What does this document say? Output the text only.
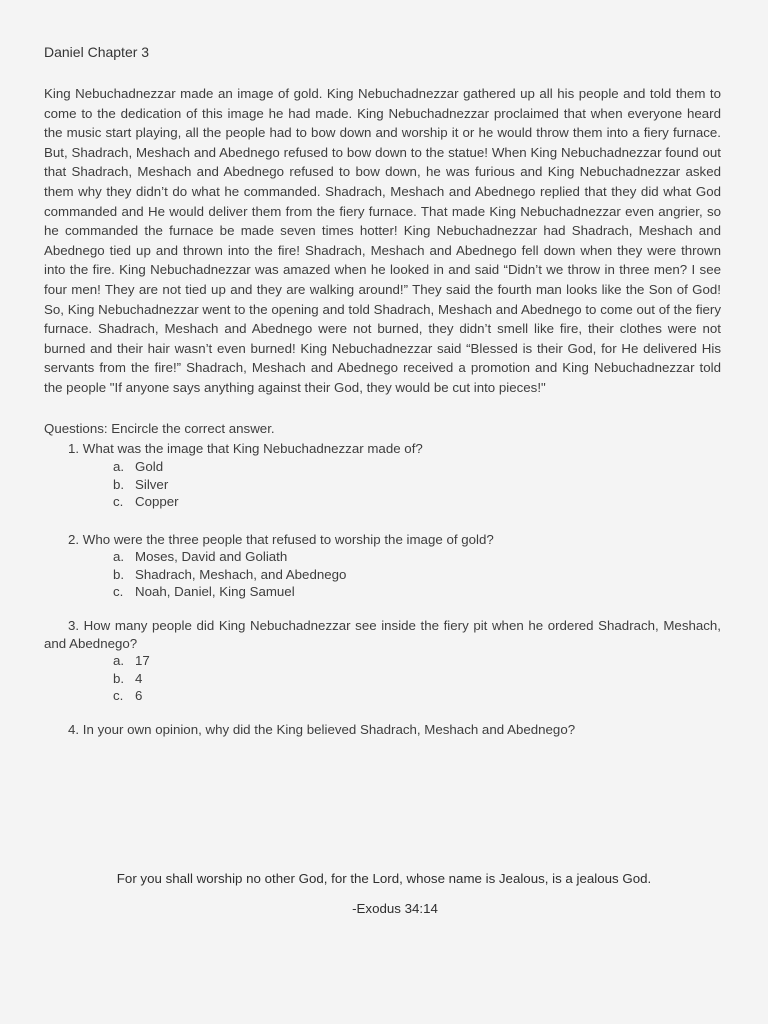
Daniel Chapter 3
King Nebuchadnezzar made an image of gold. King Nebuchadnezzar gathered up all his people and told them to come to the dedication of this image he had made. King Nebuchadnezzar proclaimed that when everyone heard the music start playing, all the people had to bow down and worship it or he would throw them into a fiery furnace. But, Shadrach, Meshach and Abednego refused to bow down to the statue! When King Nebuchadnezzar found out that Shadrach, Meshach and Abednego refused to bow down, he was furious and King Nebuchadnezzar asked them why they didn’t do what he commanded. Shadrach, Meshach and Abednego replied that they did what God commanded and He would deliver them from the fiery furnace. That made King Nebuchadnezzar even angrier, so he commanded the furnace be made seven times hotter! King Nebuchadnezzar had Shadrach, Meshach and Abednego tied up and thrown into the fire! Shadrach, Meshach and Abednego fell down when they were thrown into the fire. King Nebuchadnezzar was amazed when he looked in and said “Didn’t we throw in three men? I see four men! They are not tied up and they are walking around!” They said the fourth man looks like the Son of God! So, King Nebuchadnezzar went to the opening and told Shadrach, Meshach and Abednego to come out of the fiery furnace. Shadrach, Meshach and Abednego were not burned, they didn’t smell like fire, their clothes were not burned and their hair wasn’t even burned! King Nebuchadnezzar said “Blessed is their God, for He delivered His servants from the fire!” Shadrach, Meshach and Abednego received a promotion and King Nebuchadnezzar told the people "If anyone says anything against their God, they would be cut into pieces!"
Questions: Encircle the correct answer.
1. What was the image that King Nebuchadnezzar made of?
a. Gold
b. Silver
c. Copper
2. Who were the three people that refused to worship the image of gold?
a. Moses, David and Goliath
b. Shadrach, Meshach, and Abednego
c. Noah, Daniel, King Samuel
3. How many people did King Nebuchadnezzar see inside the fiery pit when he ordered Shadrach, Meshach, and Abednego?
a. 17
b. 4
c. 6
4. In your own opinion, why did the King believed Shadrach, Meshach and Abednego?
For you shall worship no other God, for the Lord, whose name is Jealous, is a jealous God.
-Exodus 34:14
